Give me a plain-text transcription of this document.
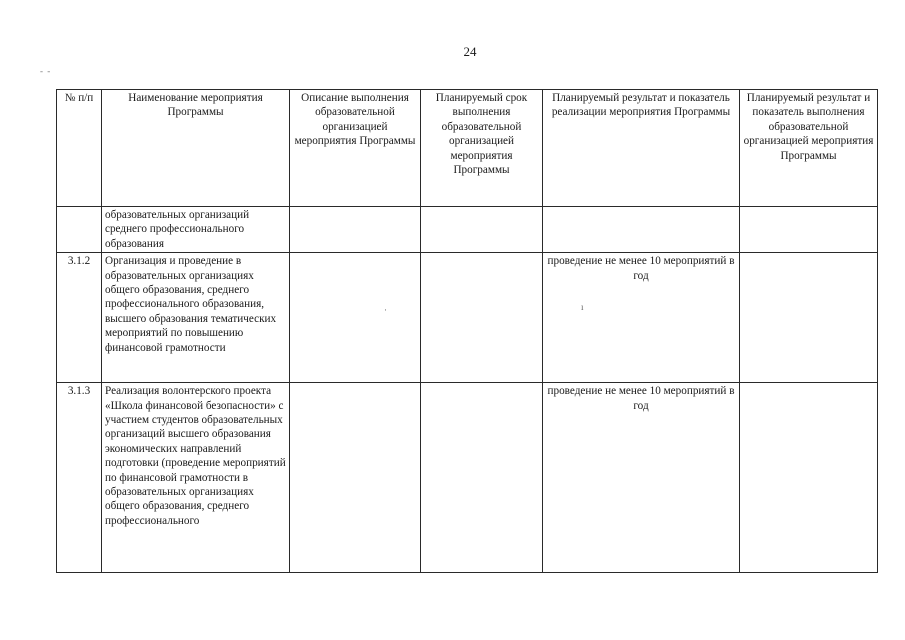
24
- -
№ п/п	Наименование мероприятия Программы	Описание выполнения образовательной организацией мероприятия Программы	Планируемый срок выполнения образовательной организацией мероприятия Программы	Планируемый результат и показатель реализации мероприятия Программы	Планируемый результат и показатель выполнения образовательной организацией мероприятия Программы
	образовательных организаций среднего профессионального образования				
3.1.2	Организация и проведение в образовательных организациях общего образования, среднего профессионального образования, высшего образования тематических мероприятий по повышению финансовой грамотности			проведение не менее 10 мероприятий в год	
3.1.3	Реализация волонтерского проекта «Школа финансовой безопасности» с участием студентов образовательных организаций высшего образования экономических направлений подготовки (проведение мероприятий по финансовой грамотности в образовательных организациях общего образования, среднего профессионального			проведение не менее 10 мероприятий в год	
·	ı
